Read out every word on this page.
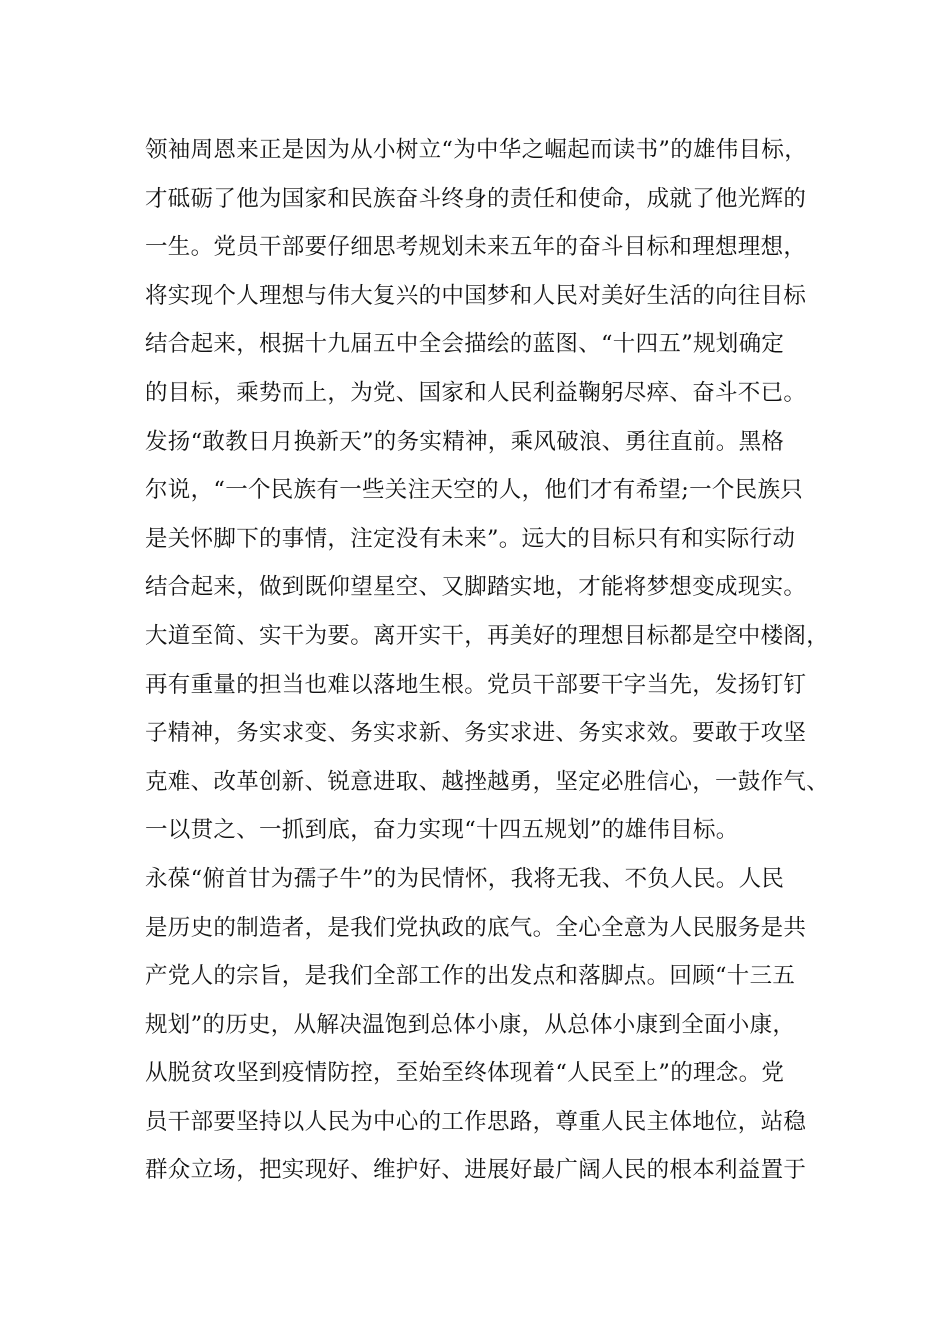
领袖周恩来正是因为从小树立“为中华之崛起而读书”的雄伟目标，
才砥砺了他为国家和民族奋斗终身的责任和使命，成就了他光辉的
一生。党员干部要仔细思考规划未来五年的奋斗目标和理想理想，
将实现个人理想与伟大复兴的中国梦和人民对美好生活的向往目标
结合起来，根据十九届五中全会描绘的蓝图、“十四五”规划确定
的目标，乘势而上，为党、国家和人民利益鞠躬尽瘁、奋斗不已。
发扬“敢教日月换新天”的务实精神，乘风破浪、勇往直前。黑格
尔说，“一个民族有一些关注天空的人，他们才有希望;一个民族只
是关怀脚下的事情，注定没有未来”。远大的目标只有和实际行动
结合起来，做到既仰望星空、又脚踏实地，才能将梦想变成现实。
大道至简、实干为要。离开实干，再美好的理想目标都是空中楼阁，
再有重量的担当也难以落地生根。党员干部要干字当先，发扬钉钉
子精神，务实求变、务实求新、务实求进、务实求效。要敢于攻坚
克难、改革创新、锐意进取、越挫越勇，坚定必胜信心，一鼓作气、
一以贯之、一抓到底，奋力实现“十四五规划”的雄伟目标。
永葆“俯首甘为孺子牛”的为民情怀，我将无我、不负人民。人民
是历史的制造者，是我们党执政的底气。全心全意为人民服务是共
产党人的宗旨，是我们全部工作的出发点和落脚点。回顾“十三五
规划”的历史，从解决温饱到总体小康，从总体小康到全面小康，
从脱贫攻坚到疫情防控，至始至终体现着“人民至上”的理念。党
员干部要坚持以人民为中心的工作思路，尊重人民主体地位，站稳
群众立场，把实现好、维护好、进展好最广阔人民的根本利益置于
